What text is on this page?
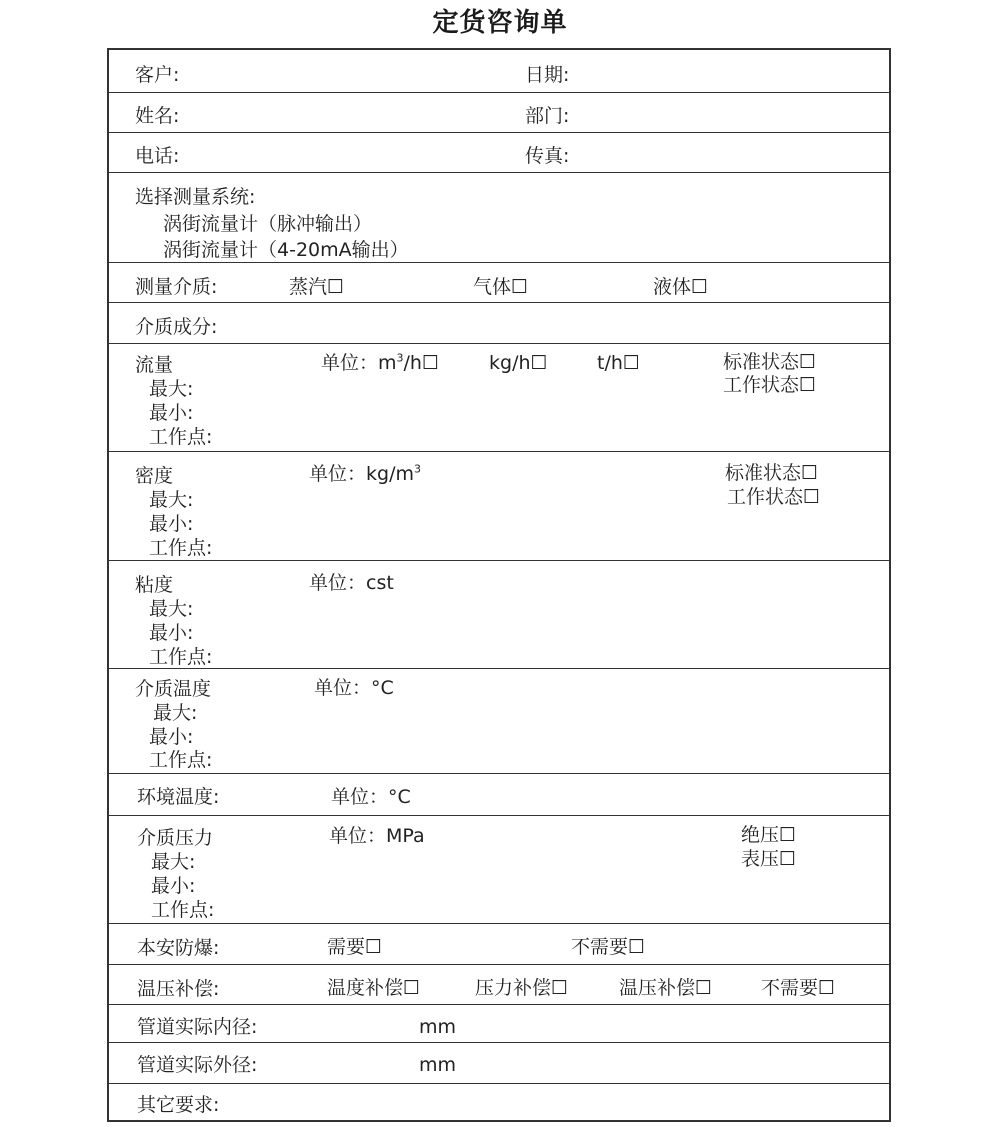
定货咨询单
客户:	日期:
姓名:	部门:
电话:	传真:
选择测量系统:
涡街流量计（脉冲输出）
涡街流量计（4-20mA输出）
测量介质:	蒸汽☐	气体☐	液体☐
介质成分:
流量
最大:
最小:
工作点:
单位：$m^3/h☐$	kg/h☐	t/h☐	标准状态☐
工作状态☐
密度
最大:
最小:
工作点:
单位：$kg/m^3$	标准状态☐
工作状态☐
粘度
最大:
最小:
工作点:
单位：cst
介质温度
最大:
最小:
工作点:
单位：°C
环境温度:	单位：°C
介质压力
最大:
最小:
工作点:
单位：MPa	绝压☐
表压☐
本安防爆:	需要☐	不需要☐
温压补偿:	温度补偿☐	压力补偿☐	温压补偿☐	不需要☐
管道实际内径:	mm
管道实际外径:	mm
其它要求:
